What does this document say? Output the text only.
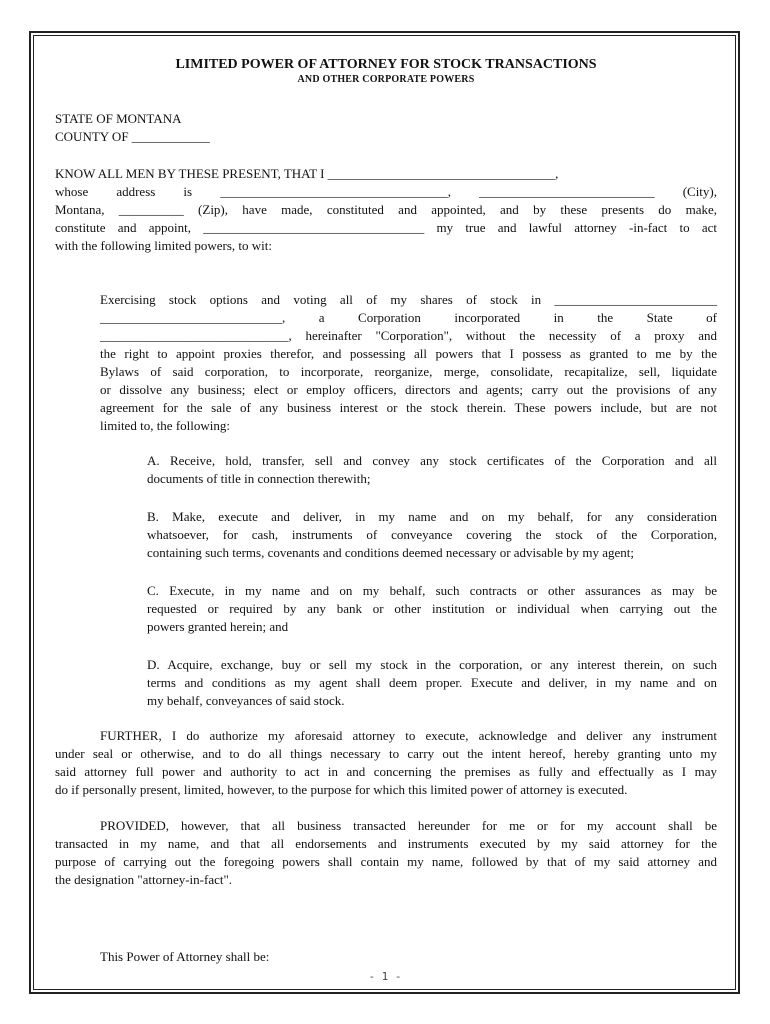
LIMITED POWER OF ATTORNEY FOR STOCK TRANSACTIONS
AND OTHER CORPORATE POWERS
STATE OF MONTANA
COUNTY OF ____________
KNOW ALL MEN BY THESE PRESENT, THAT I ___________________________________,
whose address is ___________________________________, ___________________________ (City),
Montana, __________ (Zip), have made, constituted and appointed, and by these presents do make,
constitute and appoint, __________________________________ my true and lawful attorney -in-fact to act
with the following limited powers, to wit:
Exercising stock options and voting all of my shares of stock in _________________________
____________________________, a Corporation incorporated in the State of
_____________________________, hereinafter "Corporation", without the necessity of a proxy and
the right to appoint proxies therefor, and possessing all powers that I possess as granted to me by the
Bylaws of said corporation, to incorporate, reorganize, merge, consolidate, recapitalize, sell, liquidate
or dissolve any business; elect or employ officers, directors and agents; carry out the provisions of any
agreement for the sale of any business interest or the stock therein. These powers include, but are not
limited to, the following:
A. Receive, hold, transfer, sell and convey any stock certificates of the Corporation and all
documents of title in connection therewith;
B. Make, execute and deliver, in my name and on my behalf, for any consideration
whatsoever, for cash, instruments of conveyance covering the stock of the Corporation,
containing such terms, covenants and conditions deemed necessary or advisable by my agent;
C. Execute, in my name and on my behalf, such contracts or other assurances as may be
requested or required by any bank or other institution or individual when carrying out the
powers granted herein; and
D. Acquire, exchange, buy or sell my stock in the corporation, or any interest therein, on such
terms and conditions as my agent shall deem proper. Execute and deliver, in my name and on
my behalf, conveyances of said stock.
FURTHER, I do authorize my aforesaid attorney to execute, acknowledge and deliver any instrument
under seal or otherwise, and to do all things necessary to carry out the intent hereof, hereby granting unto my
said attorney full power and authority to act in and concerning the premises as fully and effectually as I may
do if personally present, limited, however, to the purpose for which this limited power of attorney is executed.
PROVIDED, however, that all business transacted hereunder for me or for my account shall be
transacted in my name, and that all endorsements and instruments executed by my said attorney for the
purpose of carrying out the foregoing powers shall contain my name, followed by that of my said attorney and
the designation "attorney-in-fact".
This Power of Attorney shall be:
- 1 -
